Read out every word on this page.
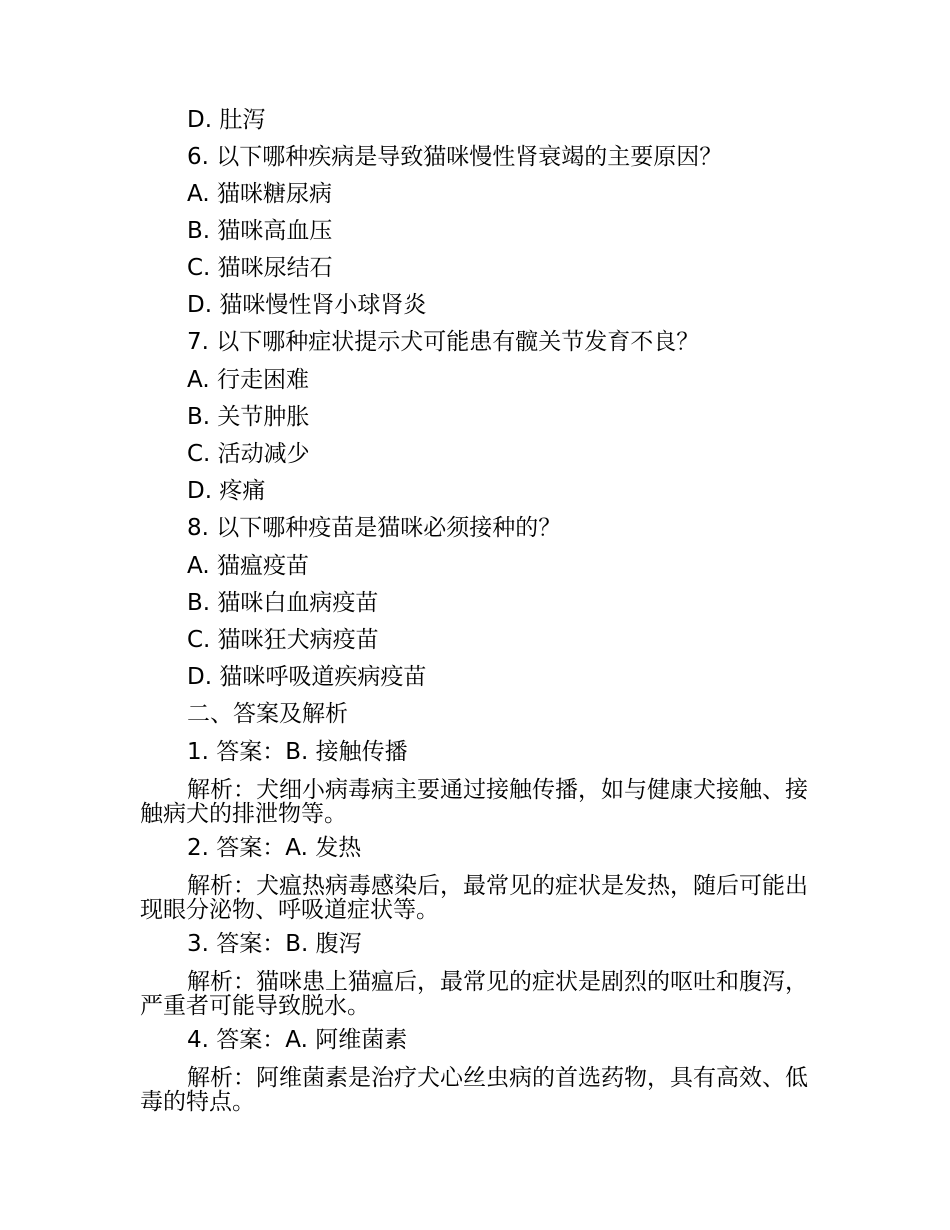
D. 肚泻
6. 以下哪种疾病是导致猫咪慢性肾衰竭的主要原因？
A. 猫咪糖尿病
B. 猫咪高血压
C. 猫咪尿结石
D. 猫咪慢性肾小球肾炎
7. 以下哪种症状提示犬可能患有髋关节发育不良？
A. 行走困难
B. 关节肿胀
C. 活动减少
D. 疼痛
8. 以下哪种疫苗是猫咪必须接种的？
A. 猫瘟疫苗
B. 猫咪白血病疫苗
C. 猫咪狂犬病疫苗
D. 猫咪呼吸道疾病疫苗
二、答案及解析
1. 答案：B. 接触传播
解析：犬细小病毒病主要通过接触传播，如与健康犬接触、接触病犬的排泄物等。
2. 答案：A. 发热
解析：犬瘟热病毒感染后，最常见的症状是发热，随后可能出现眼分泌物、呼吸道症状等。
3. 答案：B. 腹泻
解析：猫咪患上猫瘟后，最常见的症状是剧烈的呕吐和腹泻，严重者可能导致脱水。
4. 答案：A. 阿维菌素
解析：阿维菌素是治疗犬心丝虫病的首选药物，具有高效、低毒的特点。
